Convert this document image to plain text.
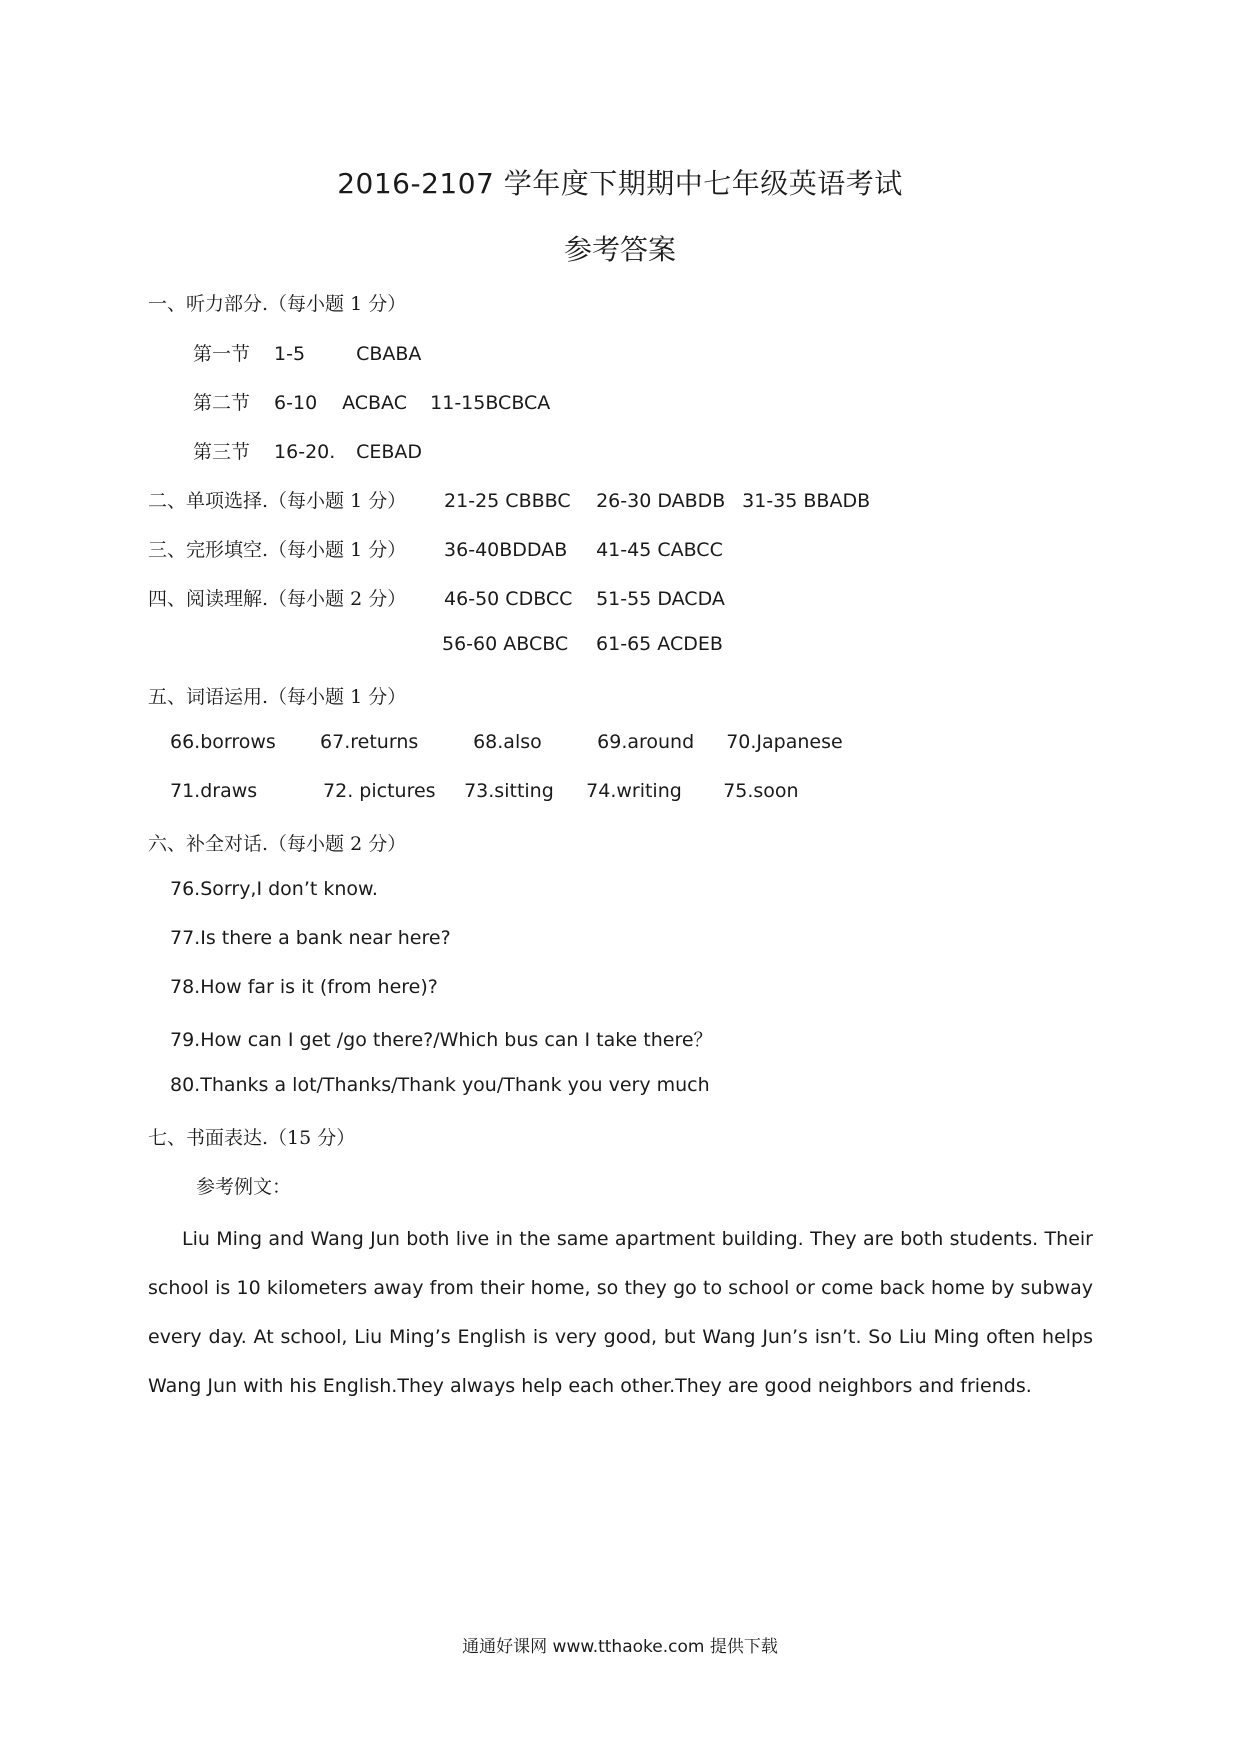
2016-2107 学年度下期期中七年级英语考试
参考答案
一、听力部分.（每小题 1 分）
第一节 1-5	CBABA
第二节 6-10 ACBAC 11-15BCBCA
第三节 16-20. CEBAD
二、单项选择.（每小题 1 分） 21-25 CBBBC 26-30 DABDB 31-35 BBADB
三、完形填空.（每小题 1 分） 36-40BDDAB 41-45 CABCC
四、阅读理解.（每小题 2 分） 46-50 CDBCC 51-55 DACDA
56-60 ABCBC 61-65 ACDEB
五、词语运用.（每小题 1 分）
66.borrows 67.returns	68.also	69.around 70.Japanese
71.draws	72. pictures 73.sitting 74.writing 75.soon
六、补全对话.（每小题 2 分）
76.Sorry,I don’t know.
77.Is there a bank near here?
78.How far is it (from here)?
79.How can I get /go there?/Which bus can I take there？
80.Thanks a lot/Thanks/Thank you/Thank you very much
七、书面表达.（15 分）
参考例文：
Liu Ming and Wang Jun both live in the same apartment building. They are both students. Their school is 10 kilometers away from their home, so they go to school or come back home by subway every day. At school, Liu Ming’s English is very good, but Wang Jun’s isn’t. So Liu Ming often helps Wang Jun with his English.They always help each other.They are good neighbors and friends.
通通好课网 www.tthaoke.com 提供下载
